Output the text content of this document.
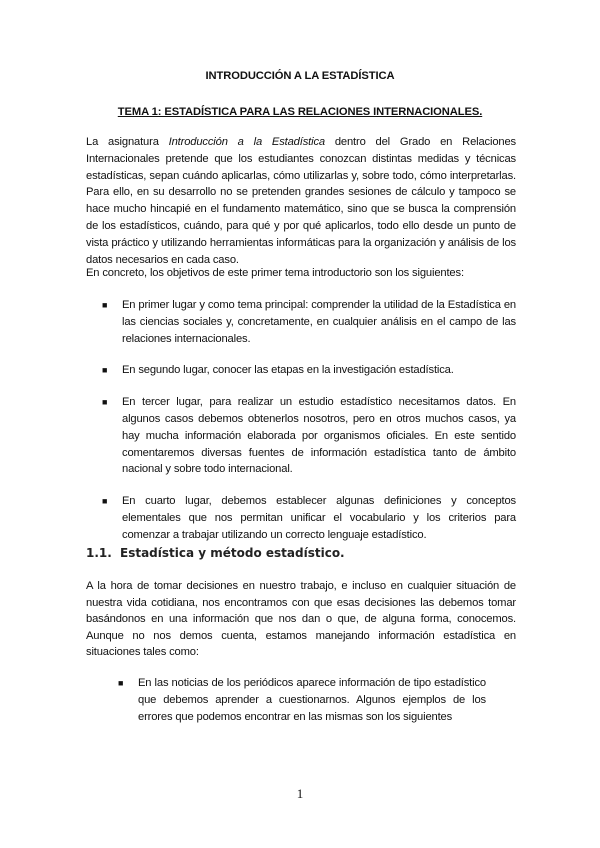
INTRODUCCIÓN A LA ESTADÍSTICA
TEMA 1: ESTADÍSTICA PARA LAS RELACIONES INTERNACIONALES.
La asignatura Introducción a la Estadística dentro del Grado en Relaciones Internacionales pretende que los estudiantes conozcan distintas medidas y técnicas estadísticas, sepan cuándo aplicarlas, cómo utilizarlas y, sobre todo, cómo interpretarlas. Para ello, en su desarrollo no se pretenden grandes sesiones de cálculo y tampoco se hace mucho hincapié en el fundamento matemático, sino que se busca la comprensión de los estadísticos, cuándo, para qué y por qué aplicarlos, todo ello desde un punto de vista práctico y utilizando herramientas informáticas para la organización y análisis de los datos necesarios en cada caso.
En concreto, los objetivos de este primer tema introductorio son los siguientes:
■ En primer lugar y como tema principal: comprender la utilidad de la Estadística en las ciencias sociales y, concretamente, en cualquier análisis en el campo de las relaciones internacionales.
■ En segundo lugar, conocer las etapas en la investigación estadística.
■ En tercer lugar, para realizar un estudio estadístico necesitamos datos. En algunos casos debemos obtenerlos nosotros, pero en otros muchos casos, ya hay mucha información elaborada por organismos oficiales. En este sentido comentaremos diversas fuentes de información estadística tanto de ámbito nacional y sobre todo internacional.
■ En cuarto lugar, debemos establecer algunas definiciones y conceptos elementales que nos permitan unificar el vocabulario y los criterios para comenzar a trabajar utilizando un correcto lenguaje estadístico.
1.1. Estadística y método estadístico.
A la hora de tomar decisiones en nuestro trabajo, e incluso en cualquier situación de nuestra vida cotidiana, nos encontramos con que esas decisiones las debemos tomar basándonos en una información que nos dan o que, de alguna forma, conocemos. Aunque no nos demos cuenta, estamos manejando información estadística en situaciones tales como:
■ En las noticias de los periódicos aparece información de tipo estadístico que debemos aprender a cuestionarnos. Algunos ejemplos de los errores que podemos encontrar en las mismas son los siguientes
1
